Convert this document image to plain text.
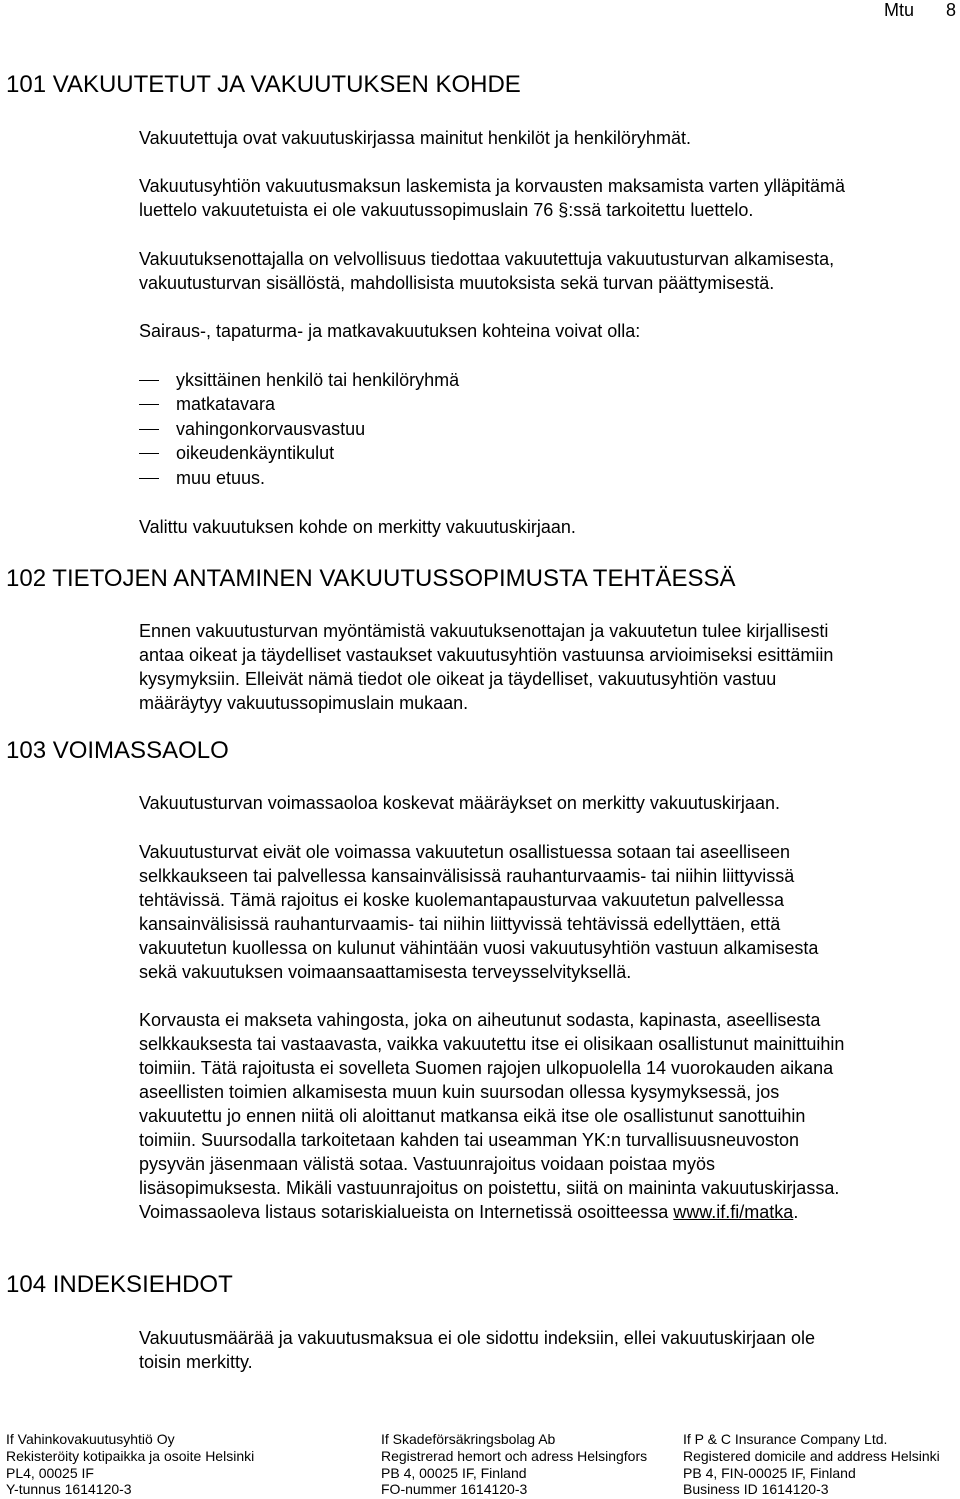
Mtu 8
101 VAKUUTETUT JA VAKUUTUKSEN KOHDE
Vakuutettuja ovat vakuutuskirjassa mainitut henkilöt ja henkilöryhmät.
Vakuutusyhtiön vakuutusmaksun laskemista ja korvausten maksamista varten ylläpitämä
luettelo vakuutetuista ei ole vakuutussopimuslain 76 §:ssä tarkoitettu luettelo.
Vakuutuksenottajalla on velvollisuus tiedottaa vakuutettuja vakuutusturvan alkamisesta,
vakuutusturvan sisällöstä, mahdollisista muutoksista sekä turvan päättymisestä.
Sairaus-, tapaturma- ja matkavakuutuksen kohteina voivat olla:
yksittäinen henkilö tai henkilöryhmä
matkatavara
vahingonkorvausvastuu
oikeudenkäyntikulut
muu etuus.
Valittu vakuutuksen kohde on merkitty vakuutuskirjaan.
102 TIETOJEN ANTAMINEN VAKUUTUSSOPIMUSTA TEHTÄESSÄ
Ennen vakuutusturvan myöntämistä vakuutuksenottajan ja vakuutetun tulee kirjallisesti
antaa oikeat ja täydelliset vastaukset vakuutusyhtiön vastuunsa arvioimiseksi esittämiin
kysymyksiin. Elleivät nämä tiedot ole oikeat ja täydelliset, vakuutusyhtiön vastuu
määräytyy vakuutussopimuslain mukaan.
103 VOIMASSAOLO
Vakuutusturvan voimassaoloa koskevat määräykset on merkitty vakuutuskirjaan.
Vakuutusturvat eivät ole voimassa vakuutetun osallistuessa sotaan tai aseelliseen
selkkaukseen tai palvellessa kansainvälisissä rauhanturvaamis- tai niihin liittyvissä
tehtävissä. Tämä rajoitus ei koske kuolemantapausturvaa vakuutetun palvellessa
kansainvälisissä rauhanturvaamis- tai niihin liittyvissä tehtävissä edellyttäen, että
vakuutetun kuollessa on kulunut vähintään vuosi vakuutusyhtiön vastuun alkamisesta
sekä vakuutuksen voimaansaattamisesta terveysselvityksellä.
Korvausta ei makseta vahingosta, joka on aiheutunut sodasta, kapinasta, aseellisesta
selkkauksesta tai vastaavasta, vaikka vakuutettu itse ei olisikaan osallistunut mainittuihin
toimiin. Tätä rajoitusta ei sovelleta Suomen rajojen ulkopuolella 14 vuorokauden aikana
aseellisten toimien alkamisesta muun kuin suursodan ollessa kysymyksessä, jos
vakuutettu jo ennen niitä oli aloittanut matkansa eikä itse ole osallistunut sanottuihin
toimiin. Suursodalla tarkoitetaan kahden tai useamman YK:n turvallisuusneuvoston
pysyvän jäsenmaan välistä sotaa. Vastuunrajoitus voidaan poistaa myös
lisäsopimuksesta. Mikäli vastuunrajoitus on poistettu, siitä on maininta vakuutuskirjassa.
Voimassaoleva listaus sotariskialueista on Internetissä osoitteessa www.if.fi/matka.
104 INDEKSIEHDOT
Vakuutusmäärää ja vakuutusmaksua ei ole sidottu indeksiin, ellei vakuutuskirjaan ole
toisin merkitty.
If Vahinkovakuutusyhtiö Oy
Rekisteröity kotipaikka ja osoite Helsinki
PL4, 00025 IF
Y-tunnus 1614120-3
If Skadeförsäkringsbolag Ab
Registrerad hemort och adress Helsingfors
PB 4, 00025 IF, Finland
FO-nummer 1614120-3
If P & C Insurance Company Ltd.
Registered domicile and address Helsinki
PB 4, FIN-00025 IF, Finland
Business ID 1614120-3
